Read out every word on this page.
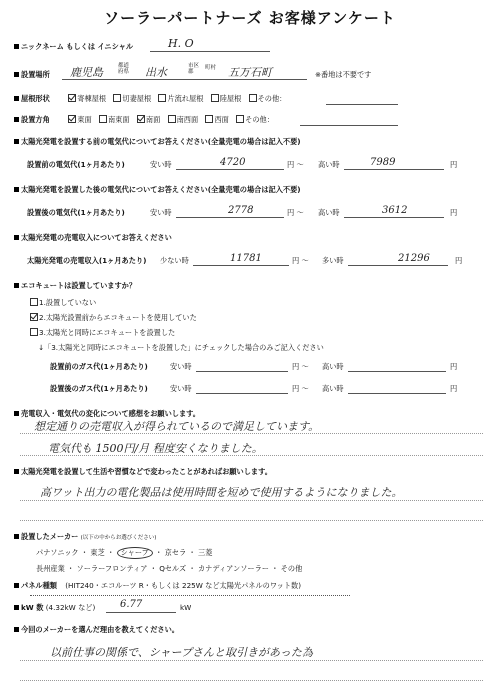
ソーラーパートナーズ お客様アンケート
ニックネーム もしくは イニシャル	H. O
設置場所 鹿児島	都道府県 出水	市区郡
町村 五万石町	※番地は不要です
屋根形状	寄棟屋根 切妻屋根 片流れ屋根 陸屋根 その他：
設置方角	東面 南東面 南面 南西面 西面 その他：
太陽光発電を設置する前の電気代についてお答えください(全量売電の場合は記入不要)
設置前の電気代(1ヶ月あたり)	安い時	4720	円 〜 高い時	7989	円
太陽光発電を設置した後の電気代についてお答えください(全量売電の場合は記入不要)
設置後の電気代(1ヶ月あたり)	安い時	2778	円 〜 高い時	3612	円
太陽光発電の売電収入についてお答えください
太陽光発電の売電収入(1ヶ月あたり) 少ない時	11781	円 〜 多い時	21296	円
エコキュートは設置していますか？
1.設置していない
2.太陽光設置前からエコキュートを使用していた
3.太陽光と同時にエコキュートを設置した
↓「3.太陽光と同時にエコキュートを設置した」にチェックした場合のみご記入ください
設置前のガス代(1ヶ月あたり)	安い時	円 〜 高い時	円
設置後のガス代(1ヶ月あたり)	安い時	円 〜 高い時	円
売電収入・電気代の変化について感想をお願いします。
想定通りの売電収入が得られているので満足しています。
電気代も 1500円/月 程度安くなりました。
太陽光発電を設置して生活や習慣などで変わったことがあればお願いします。
高ワット出力の電化製品は使用時間を短めで使用するようになりました。
設置したメーカー (以下の中からお選びください)
パナソニック ・ 東芝 ・ シャープ ・ 京セラ ・ 三菱
長州産業 ・ ソーラーフロンティア ・ Qセルズ ・ カナディアンソーラー ・ その他
パネル種類 (HIT240・エコルーツ R・もしくは 225W など太陽光パネルのワット数)
kW 数 (4.32kW など) 6.77	kW
今回のメーカーを選んだ理由を教えてください。
以前仕事の関係で、シャープさんと取引きがあった為
